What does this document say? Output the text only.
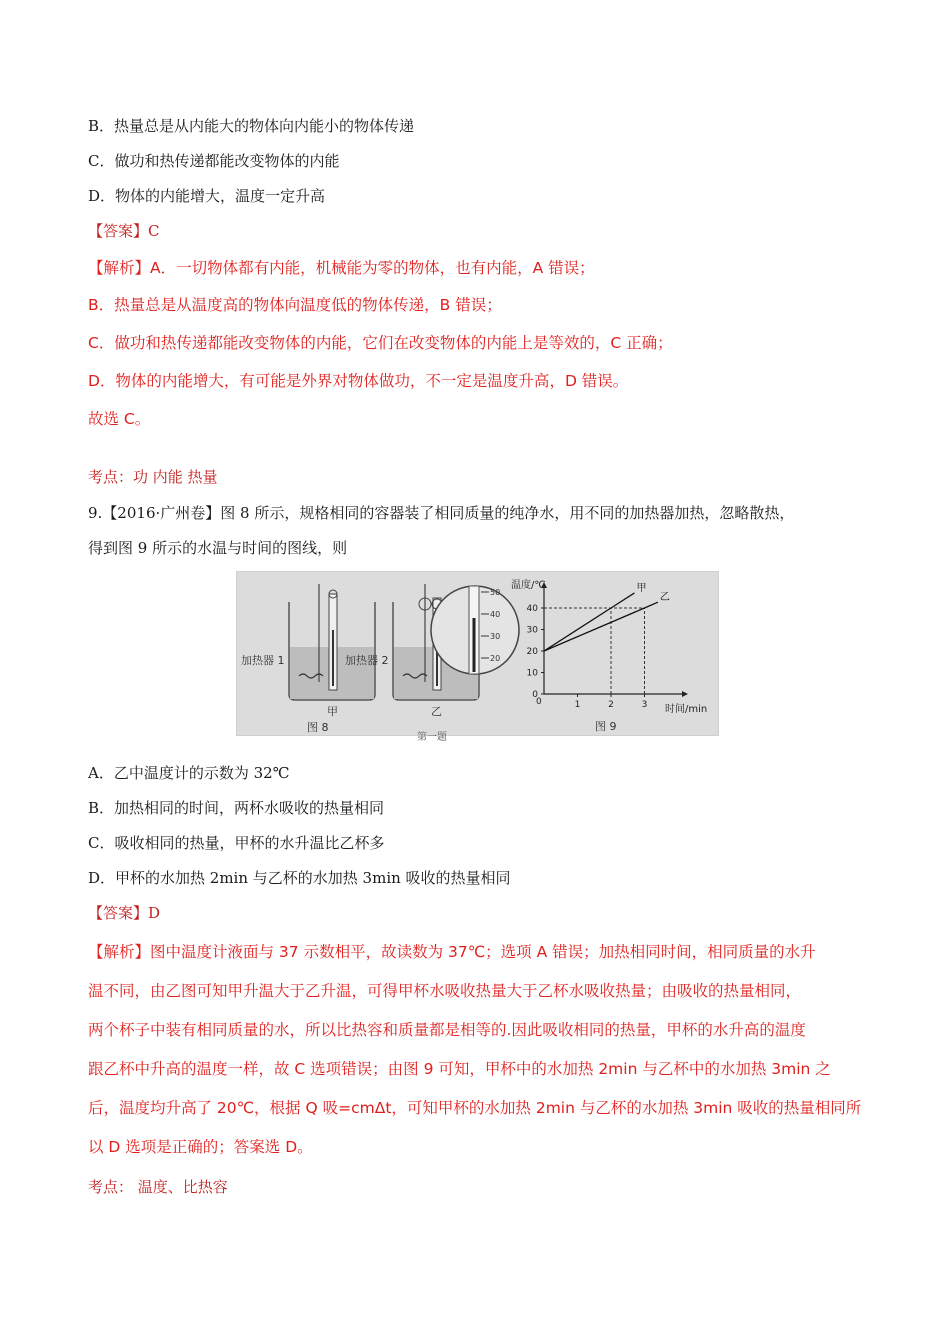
B．热量总是从内能大的物体向内能小的物体传递
C．做功和热传递都能改变物体的内能
D．物体的内能增大，温度一定升高
【答案】C
【解析】A．一切物体都有内能，机械能为零的物体，也有内能，A 错误；
B．热量总是从温度高的物体向温度低的物体传递，B 错误；
C．做功和热传递都能改变物体的内能，它们在改变物体的内能上是等效的，C 正确；
D．物体的内能增大，有可能是外界对物体做功，不一定是温度升高，D 错误。
故选 C。
考点：功 内能 热量
9.【2016·广州卷】图 8 所示，规格相同的容器装了相同质量的纯净水，用不同的加热器加热，忽略散热，
得到图 9 所示的水温与时间的图线，则
加热器 1
甲
加热器 2
乙
50
40
30
20
图 8
第一题
温度/℃
时间/min
图 9
0
10
20
30
40
1	2	3
甲
乙
0
A．乙中温度计的示数为 32℃
B．加热相同的时间，两杯水吸收的热量相同
C．吸收相同的热量，甲杯的水升温比乙杯多
D．甲杯的水加热 2min 与乙杯的水加热 3min 吸收的热量相同
【答案】D
【解析】图中温度计液面与 37 示数相平，故读数为 37℃；选项 A 错误；加热相同时间，相同质量的水升
温不同，由乙图可知甲升温大于乙升温，可得甲杯水吸收热量大于乙杯水吸收热量；由吸收的热量相同，
两个杯子中装有相同质量的水，所以比热容和质量都是相等的.因此吸收相同的热量，甲杯的水升高的温度
跟乙杯中升高的温度一样，故 C 选项错误；由图 9 可知，甲杯中的水加热 2min 与乙杯中的水加热 3min 之
后，温度均升高了 20℃，根据 Q 吸=cmΔt，可知甲杯的水加热 2min 与乙杯的水加热 3min 吸收的热量相同所
以 D 选项是正确的；答案选 D。
考点： 温度、比热容
